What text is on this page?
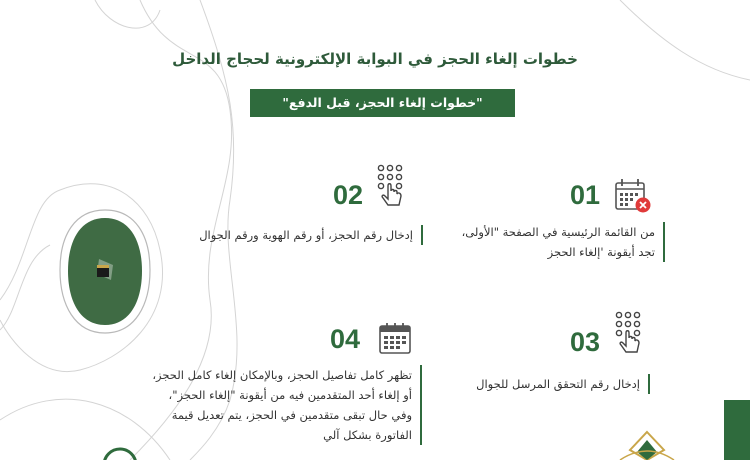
خطوات إلغاء الحجز في البوابة الإلكترونية لحجاج الداخل
"خطوات إلغاء الحجز، قبل الدفع"
01
من القائمة الرئيسية في الصفحة "الأولى، تجد أيقونة 'إلغاء الحجز
02
إدخال رقم الحجز، أو رقم الهوية ورقم الجوال
03
إدخال رقم التحقق المرسل للجوال
04
تظهر كامل تفاصيل الحجز، وبالإمكان إلغاء كامل الحجز، أو إلغاء أحد المتقدمين فيه من أيقونة "إلغاء الحجز"، وفي حال تبقى متقدمين في الحجز، يتم تعديل قيمة الفاتورة بشكل آلي
